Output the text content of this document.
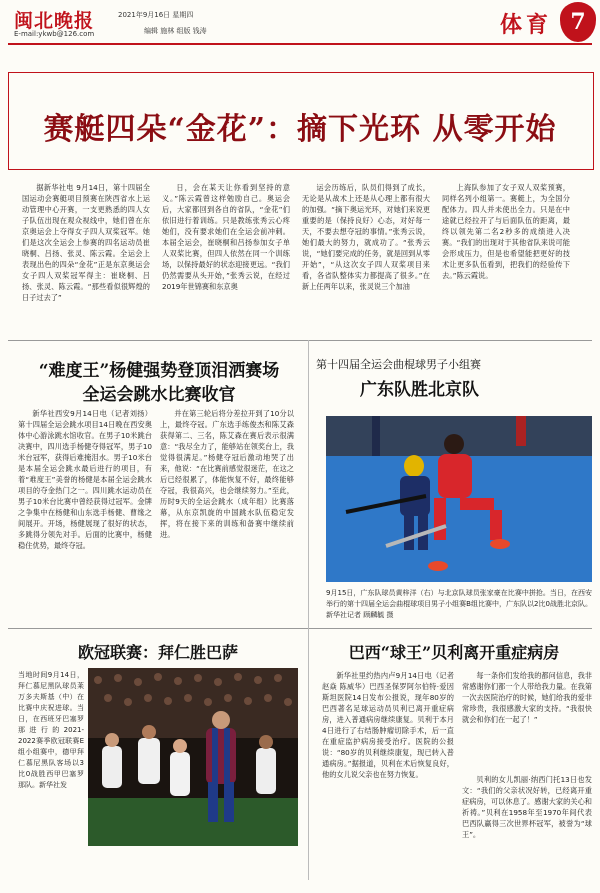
闽北晚报
E-mail:ykwb@126.com
2021年9月16日 星期四
编辑 施林 组版 钱涛	体育 7
赛艇四朵“金花”：摘下光环 从零开始

据新华社电 9月14日，第十四届全国运动会赛艇项目预赛在陕西省水上运动管理中心开赛，一支更熟悉的四人女子队伍出现在观众视线中，她们曾在东京奥运会上夺得女子四人双桨冠军。她们是这次全运会上参赛的四名运动员崔晓桐、吕扬、张灵、陈云霞。全运会上表现出色的四朵“金花”正是东京奥运会女子四人双桨冠军得主：崔晓桐、吕扬、张灵、陈云霞。“那些看似很辉煌的日子过去了”

日，会在某天让你看到坚持的意义。”陈云霞曾这样勉励自己。奥运会后，大家都回到各自的省队，“金花”们依旧进行着训练。只是教练张秀云心疼她们，没有要求她们在全运会前冲刺。本届全运会，崔晓桐和吕扬参加女子单人双桨比赛，但四人依然在同一个训练场，以保持最好的状态迎接更远。“我们仍然需要从头开始，”张秀云说，在经过2019年世锦赛和东京奥

运会历练后，队员们得到了成长，无论是从战术上还是从心理上都有很大的加强。“摘下奥运光环，对她们来说更重要的是（保持良好）心态，对好每一天，不要去想夺冠的事情。”张秀云说，她们最大的努力，就成功了。“张秀云说，“她们要完成的任务，就是回到从零开始”，“从这次女子四人双桨项目来看，各省队整体实力都提高了很多。”在新上任两年以来，张灵说三个加油

上海队参加了女子双人双桨预赛，同样名列小组第一。赛艇上，为全国分配体力。四人并未使出全力。只是在中途就已经拉开了与后面队伍的距离，最终以领先第二名2秒多的成绩进入决赛。“我们的出现对于其他省队来说可能会形成压力，但是也希望能把更好的技术让更多队伍看到，把我们的经验传下去。”陈云霞说。

“难度王”杨健强势登顶泪洒赛场
全运会跳水比赛收官

新华社西安9月14日电（记者刘扬）第十四届全运会跳水项目14日晚在西安奥体中心游泳跳水馆收官。在男子10米跳台决赛中，四川选手杨健夺得冠军，男子10米台冠军，获得后难掩泪水。男子10米台是本届全运会跳水最后进行的项目，有着“难度王”美誉的杨健是本届全运会跳水项目的夺金热门之一。四川跳水运动员在男子10米台比赛中曾经获得过冠军。金牌之争集中在杨健和山东选手杨健、曹缘之间展开。开场，杨健展现了很好的状态，多跳得分领先对手。后面的比赛中，杨健稳住优势，最终夺冠。

并在第三轮后将分差拉开到了10分以上，最终夺冠。广东选手练俊杰和陈艾森获得第二、三名，陈艾森在赛后表示很满意：“我尽全力了，能够站在领奖台上，我觉得很满足。”杨健夺冠后激动地哭了出来，他说：“在比赛前感觉很迷茫，在这之后已经很累了，体能恢复不好，最终能够夺冠，我很高兴，也会继续努力。”至此，历时9天的全运会跳水（成年组）比赛落幕，从东京凯旋的中国跳水队伍稳定发挥，将在接下来的训练和备赛中继续前进。

第十四届全运会曲棍球男子小组赛
广东队胜北京队
9月15日，广东队球员黄梓洋（右）与北京队球员张家豪在比赛中拼抢。当日，在西安举行的第十四届全运会曲棍球项目男子小组赛B组比赛中，广东队以2比0战胜北京队。新华社记者 顾麟毓 摄
欧冠联赛：拜仁胜巴萨
当地时间9月14日，拜仁慕尼黑队球员莱万多夫斯基（中）在比赛中庆祝进球。当日，在西班牙巴塞罗那进行的2021-2022赛季欧冠联赛E组小组赛中，德甲拜仁慕尼黑队客场以3比0战胜西甲巴塞罗那队。新华社发
巴西“球王”贝利离开重症病房

新华社里约热内卢9月14日电（记者赵焱 陈威华）巴西圣保罗阿尔伯特·爱因斯坦医院14日发布公报说，现年80岁的巴西著名足球运动员贝利已离开重症病房，进入普通病房继续康复。贝利于本月4日进行了右结肠肿瘤切除手术，后一直在重症监护病房接受治疗。医院的公报说：“80岁的贝利继续康复，现已转入普通病房。”据报道，贝利在术后恢复良好，他的女儿说父亲也在努力恢复。

每一条你们发给我的都问信息，我非常感谢你们都一个人带给我力量。在我第一次去医院治疗的时候，她们给我的爱非常珍贵，我很感激大家的支持。“我很快就会和你们在一起了！”

贝利的女儿凯丽·纳西门托13日也发文：“我们的父亲状况好转，已经离开重症病房，可以休息了。感谢大家的关心和祈祷。”贝利在1958年至1970年间代表巴西队赢得三次世界杯冠军，被誉为“球王”。
